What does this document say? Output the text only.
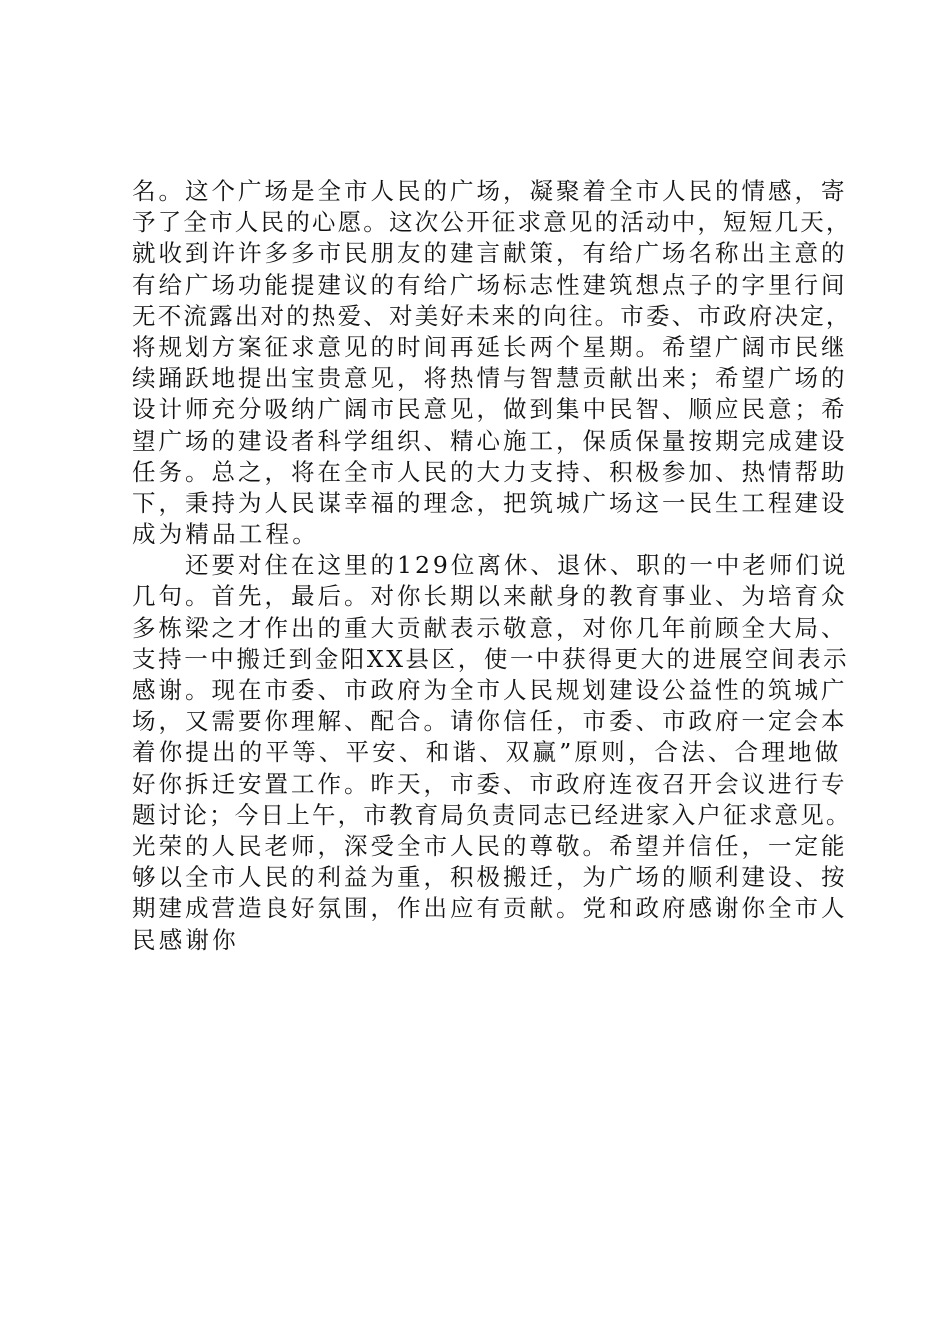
名。这个广场是全市人民的广场，凝聚着全市人民的情感，寄
予了全市人民的心愿。这次公开征求意见的活动中，短短几天，
就收到许许多多市民朋友的建言献策，有给广场名称出主意的
有给广场功能提建议的有给广场标志性建筑想点子的字里行间
无不流露出对的热爱、对美好未来的向往。市委、市政府决定，
将规划方案征求意见的时间再延长两个星期。希望广阔市民继
续踊跃地提出宝贵意见，将热情与智慧贡献出来；希望广场的
设计师充分吸纳广阔市民意见，做到集中民智、顺应民意；希
望广场的建设者科学组织、精心施工，保质保量按期完成建设
任务。总之，将在全市人民的大力支持、积极参加、热情帮助
下，秉持为人民谋幸福的理念，把筑城广场这一民生工程建设
成为精品工程。
　　还要对住在这里的129位离休、退休、职的一中老师们说
几句。首先，最后。对你长期以来献身的教育事业、为培育众
多栋梁之才作出的重大贡献表示敬意，对你几年前顾全大局、
支持一中搬迁到金阳XX县区，使一中获得更大的进展空间表示
感谢。现在市委、市政府为全市人民规划建设公益性的筑城广
场，又需要你理解、配合。请你信任，市委、市政府一定会本
着你提出的平等、平安、和谐、双赢”原则，合法、合理地做
好你拆迁安置工作。昨天，市委、市政府连夜召开会议进行专
题讨论；今日上午，市教育局负责同志已经进家入户征求意见。
光荣的人民老师，深受全市人民的尊敬。希望并信任，一定能
够以全市人民的利益为重，积极搬迁，为广场的顺利建设、按
期建成营造良好氛围，作出应有贡献。党和政府感谢你全市人
民感谢你
